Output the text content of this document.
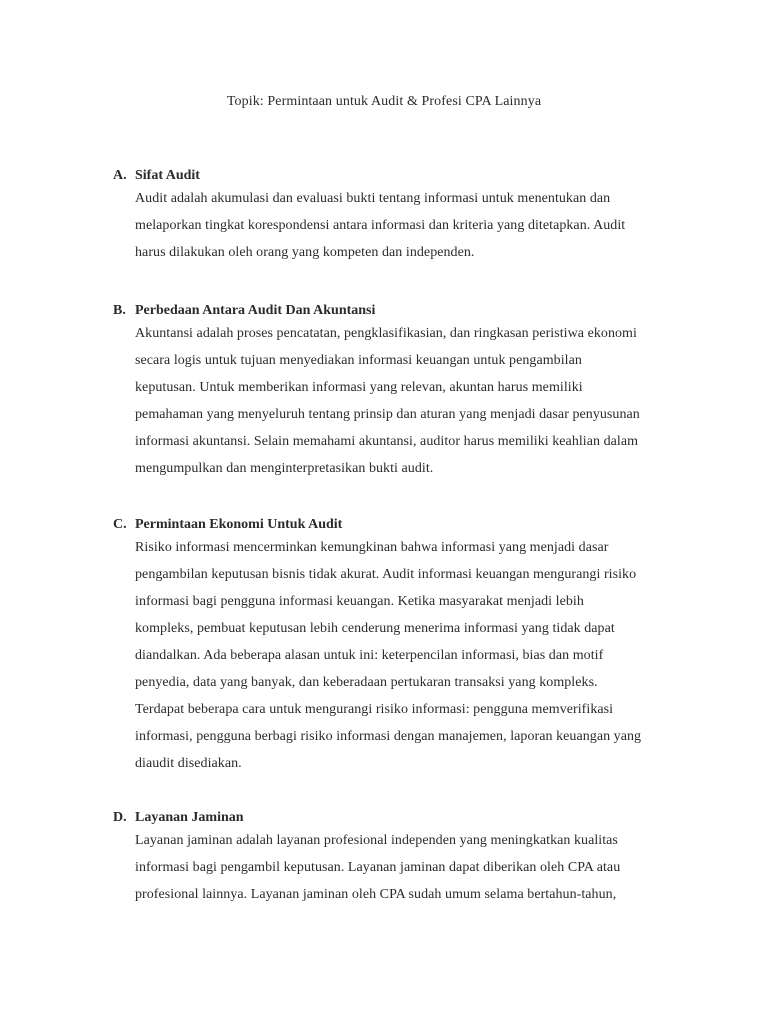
Topik: Permintaan untuk Audit & Profesi CPA Lainnya
A. Sifat Audit
Audit adalah akumulasi dan evaluasi bukti tentang informasi untuk menentukan dan
melaporkan tingkat korespondensi antara informasi dan kriteria yang ditetapkan. Audit
harus dilakukan oleh orang yang kompeten dan independen.
B. Perbedaan Antara Audit Dan Akuntansi
Akuntansi adalah proses pencatatan, pengklasifikasian, dan ringkasan peristiwa ekonomi
secara logis untuk tujuan menyediakan informasi keuangan untuk pengambilan
keputusan. Untuk memberikan informasi yang relevan, akuntan harus memiliki
pemahaman yang menyeluruh tentang prinsip dan aturan yang menjadi dasar penyusunan
informasi akuntansi. Selain memahami akuntansi, auditor harus memiliki keahlian dalam
mengumpulkan dan menginterpretasikan bukti audit.
C. Permintaan Ekonomi Untuk Audit
Risiko informasi mencerminkan kemungkinan bahwa informasi yang menjadi dasar
pengambilan keputusan bisnis tidak akurat. Audit informasi keuangan mengurangi risiko
informasi bagi pengguna informasi keuangan. Ketika masyarakat menjadi lebih
kompleks, pembuat keputusan lebih cenderung menerima informasi yang tidak dapat
diandalkan. Ada beberapa alasan untuk ini: keterpencilan informasi, bias dan motif
penyedia, data yang banyak, dan keberadaan pertukaran transaksi yang kompleks.
Terdapat beberapa cara untuk mengurangi risiko informasi: pengguna memverifikasi
informasi, pengguna berbagi risiko informasi dengan manajemen, laporan keuangan yang
diaudit disediakan.
D. Layanan Jaminan
Layanan jaminan adalah layanan profesional independen yang meningkatkan kualitas
informasi bagi pengambil keputusan. Layanan jaminan dapat diberikan oleh CPA atau
profesional lainnya. Layanan jaminan oleh CPA sudah umum selama bertahun-tahun,
